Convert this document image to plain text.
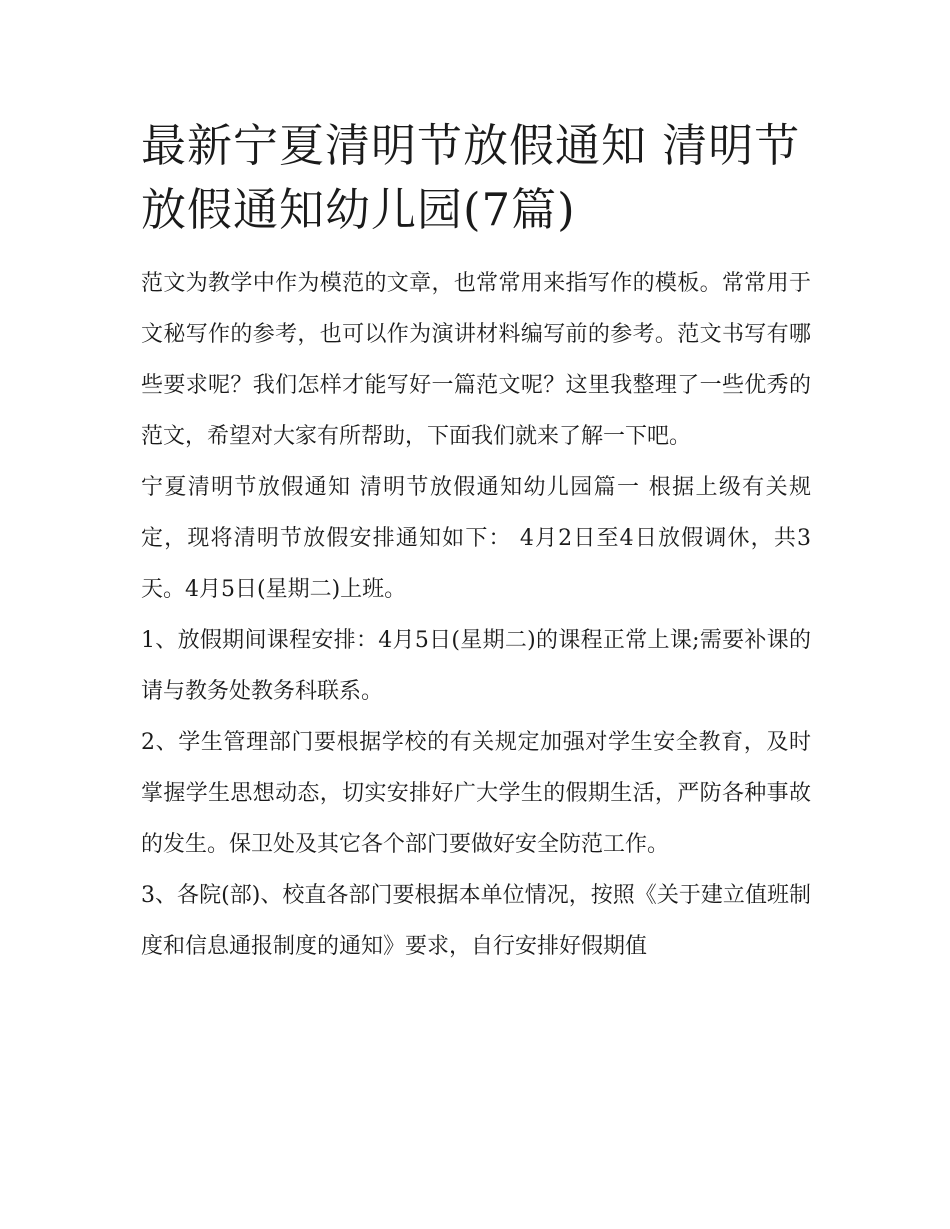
最新宁夏清明节放假通知 清明节放假通知幼儿园(7篇)

范文为教学中作为模范的文章，也常常用来指写作的模板。常常用于文秘写作的参考，也可以作为演讲材料编写前的参考。范文书写有哪些要求呢？我们怎样才能写好一篇范文呢？这里我整理了一些优秀的范文，希望对大家有所帮助，下面我们就来了解一下吧。

宁夏清明节放假通知 清明节放假通知幼儿园篇一 根据上级有关规定，现将清明节放假安排通知如下： 4月2日至4日放假调休，共3天。4月5日(星期二)上班。

1、放假期间课程安排：4月5日(星期二)的课程正常上课;需要补课的请与教务处教务科联系。

2、学生管理部门要根据学校的有关规定加强对学生安全教育，及时掌握学生思想动态，切实安排好广大学生的假期生活，严防各种事故的发生。保卫处及其它各个部门要做好安全防范工作。

3、各院(部)、校直各部门要根据本单位情况，按照《关于建立值班制度和信息通报制度的通知》要求，自行安排好假期值
